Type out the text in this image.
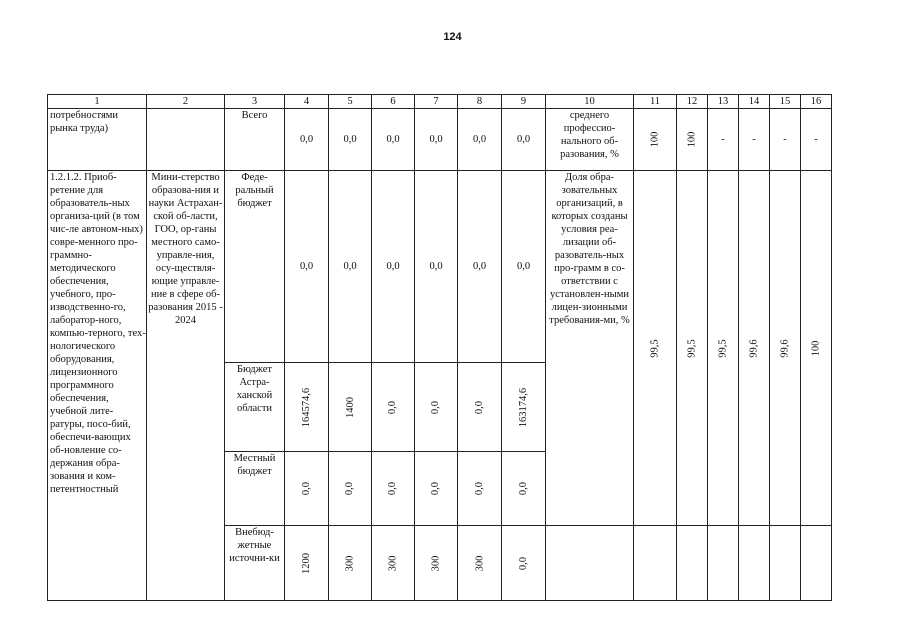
124
1	2	3	4	5	6	7	8	9	10	11	12	13	14	15	16
потребностями рынка труда)		Всего	0,0	0,0	0,0	0,0	0,0	0,0	среднего профессио-нального об-разования, %	100	100	-	-	-	-
1.2.1.2. Приоб-ретение для образователь-ных организа-ций (в том чис-ле автоном-ных) совре-менного про-граммно-методического обеспечения, учебного, про-изводственно-го, лаборатор-ного, компью-терного, тех-нологического оборудования, лицензионного программного обеспечения, учебной лите-ратуры, посо-бий, обеспечи-вающих об-новление со-держания обра-зования и ком-петентностный	Мини-стерство образова-ния и науки Астрахан-ской об-ласти, ГОО, ор-ганы местного само-управле-ния, осу-ществля-ющие управле-ние в сфере об-разования 2015 - 2024	Феде-ральный бюджет	0,0	0,0	0,0	0,0	0,0	0,0	Доля обра-зовательных организаций, в которых созданы условия реа-лизации об-разователь-ных про-грамм в со-ответствии с установлен-ными лицен-зионными требования-ми, %	99,5	99,5	99,5	99,6	99,6	100
		Бюджет Астра-ханской области	164574,6	1400	0,0	0,0	0,0	163174,6							
		Местный бюджет	0,0	0,0	0,0	0,0	0,0	0,0							
		Внебюд-жетные источни-ки	1200	300	300	300	300	0,0							
